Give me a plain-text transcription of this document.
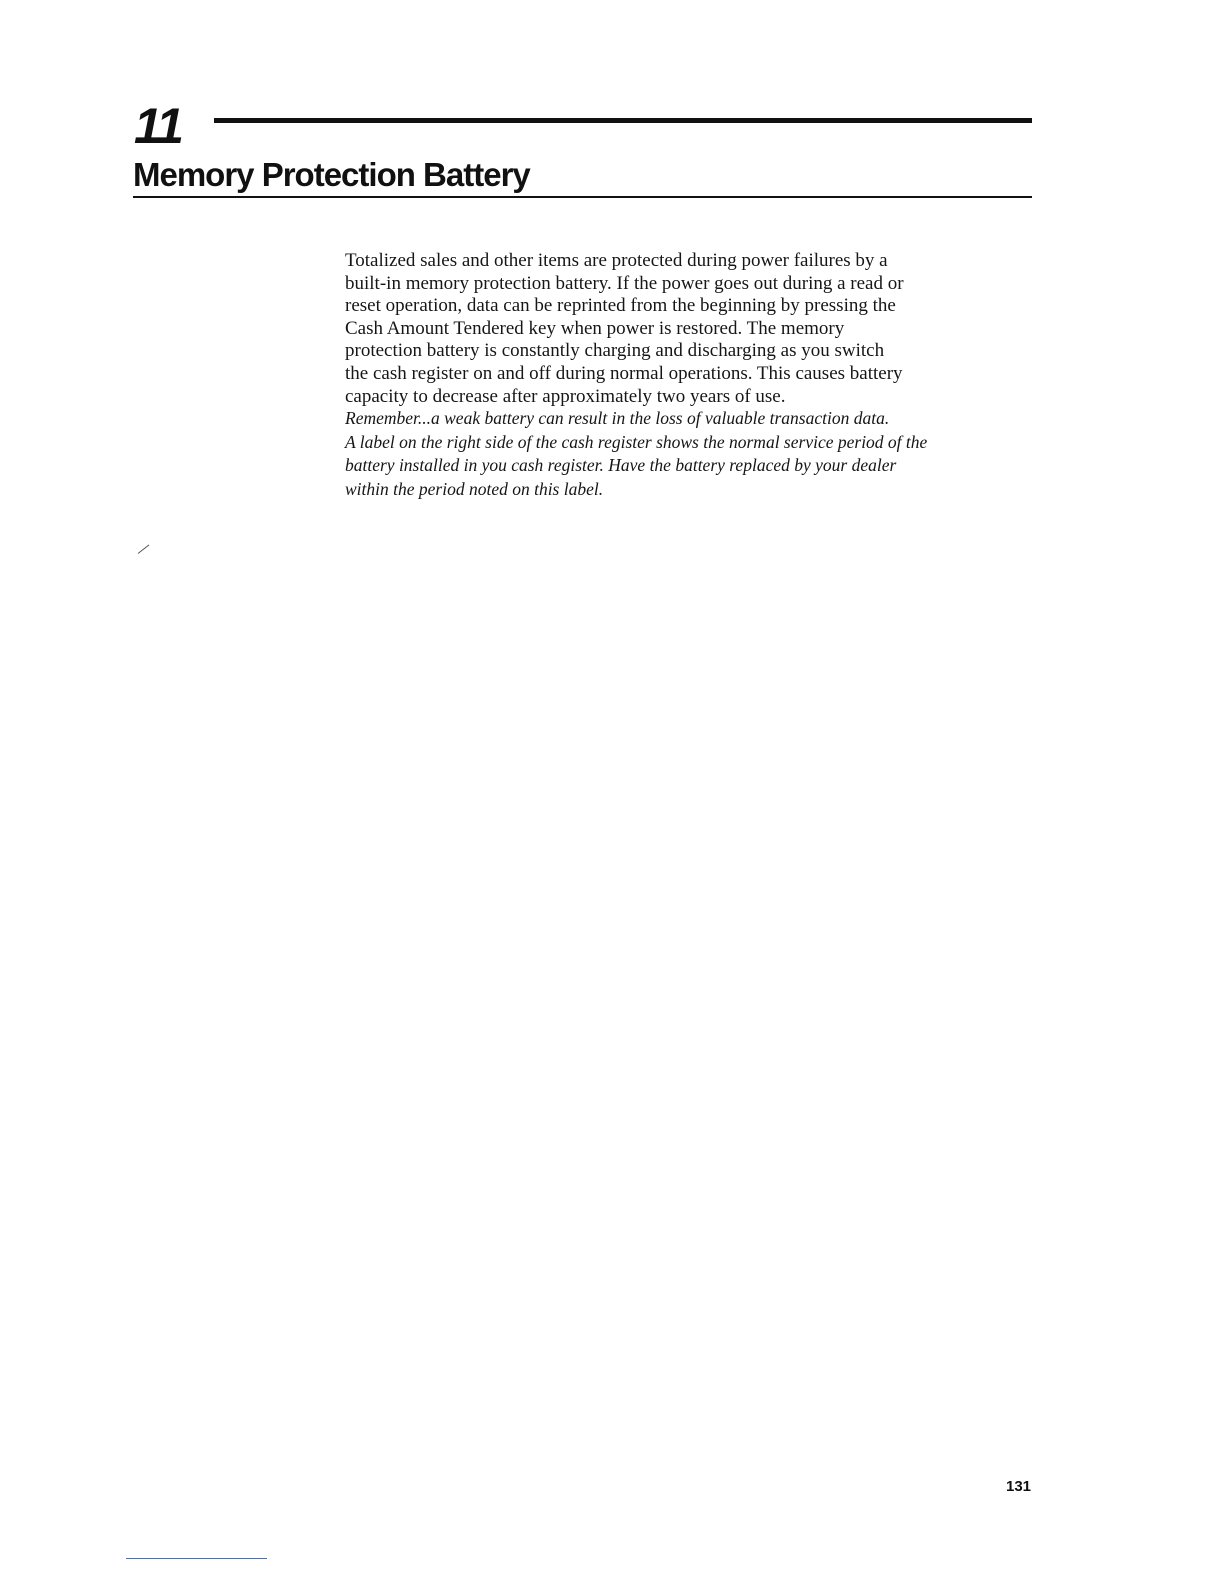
11
Memory Protection Battery
Totalized sales and other items are protected during power failures by a
built-in memory protection battery. If the power goes out during a read or
reset operation, data can be reprinted from the beginning by pressing the
Cash Amount Tendered key when power is restored. The memory
protection battery is constantly charging and discharging as you switch
the cash register on and off during normal operations. This causes battery
capacity to decrease after approximately two years of use.
Remember...a weak battery can result in the loss of valuable transaction data.
A label on the right side of the cash register shows the normal service period of the
battery installed in you cash register. Have the battery replaced by your dealer
within the period noted on this label.
131
